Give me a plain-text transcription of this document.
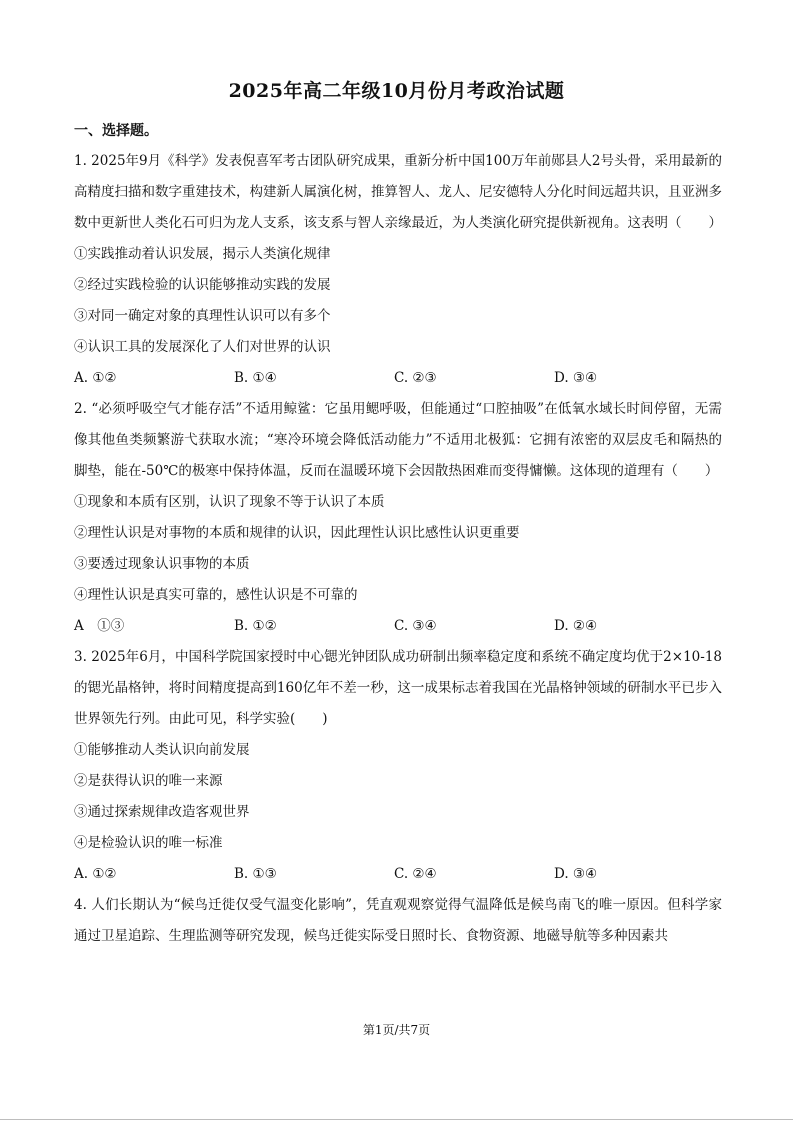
2025年高二年级10月份月考政治试题
一、选择题。
1. 2025年9月《科学》发表倪喜军考古团队研究成果，重新分析中国100万年前郧县人2号头骨，采用最新的高精度扫描和数字重建技术，构建新人属演化树，推算智人、龙人、尼安德特人分化时间远超共识，且亚洲多数中更新世人类化石可归为龙人支系，该支系与智人亲缘最近，为人类演化研究提供新视角。这表明（　　）
①实践推动着认识发展，揭示人类演化规律
②经过实践检验的认识能够推动实践的发展
③对同一确定对象的真理性认识可以有多个
④认识工具的发展深化了人们对世界的认识
A. ①②	B. ①④	C. ②③	D. ③④
2. “必须呼吸空气才能存活”不适用鲸鲨：它虽用鳃呼吸，但能通过“口腔抽吸”在低氧水域长时间停留，无需像其他鱼类频繁游弋获取水流；“寒冷环境会降低活动能力”不适用北极狐：它拥有浓密的双层皮毛和隔热的脚垫，能在-50℃的极寒中保持体温，反而在温暖环境下会因散热困难而变得慵懒。这体现的道理有（　　）
①现象和本质有区别，认识了现象不等于认识了本质
②理性认识是对事物的本质和规律的认识，因此理性认识比感性认识更重要
③要透过现象认识事物的本质
④理性认识是真实可靠的，感性认识是不可靠的
A　①③	B. ①②	C. ③④	D. ②④
3. 2025年6月，中国科学院国家授时中心锶光钟团队成功研制出频率稳定度和系统不确定度均优于2×10-18的锶光晶格钟，将时间精度提高到160亿年不差一秒，这一成果标志着我国在光晶格钟领域的研制水平已步入世界领先行列。由此可见，科学实验(　　)
①能够推动人类认识向前发展
②是获得认识的唯一来源
③通过探索规律改造客观世界
④是检验认识的唯一标准
A. ①②	B. ①③	C. ②④	D. ③④
4. 人们长期认为“候鸟迁徙仅受气温变化影响”，凭直观观察觉得气温降低是候鸟南飞的唯一原因。但科学家通过卫星追踪、生理监测等研究发现，候鸟迁徙实际受日照时长、食物资源、地磁导航等多种因素共
第1页/共7页
